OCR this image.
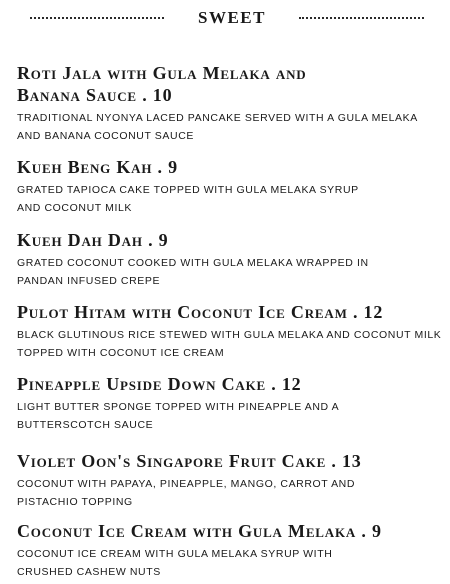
SWEET
Roti Jala with Gula Melaka and
Banana Sauce . 10
TRADITIONAL NYONYA LACED PANCAKE SERVED WITH A GULA MELAKA
AND BANANA COCONUT SAUCE
Kueh Beng Kah . 9
GRATED TAPIOCA CAKE TOPPED WITH GULA MELAKA SYRUP
AND COCONUT MILK
Kueh Dah Dah . 9
GRATED COCONUT COOKED WITH GULA MELAKA WRAPPED IN
PANDAN INFUSED CREPE
Pulot Hitam with Coconut Ice Cream . 12
BLACK GLUTINOUS RICE STEWED WITH GULA MELAKA AND COCONUT MILK
TOPPED WITH COCONUT ICE CREAM
Pineapple Upside Down Cake . 12
LIGHT BUTTER SPONGE TOPPED WITH PINEAPPLE AND A
BUTTERSCOTCH SAUCE
Violet Oon's Singapore Fruit Cake . 13
COCONUT WITH PAPAYA, PINEAPPLE, MANGO, CARROT AND
PISTACHIO TOPPING
Coconut Ice Cream with Gula Melaka . 9
COCONUT ICE CREAM WITH GULA MELAKA SYRUP WITH
CRUSHED CASHEW NUTS
